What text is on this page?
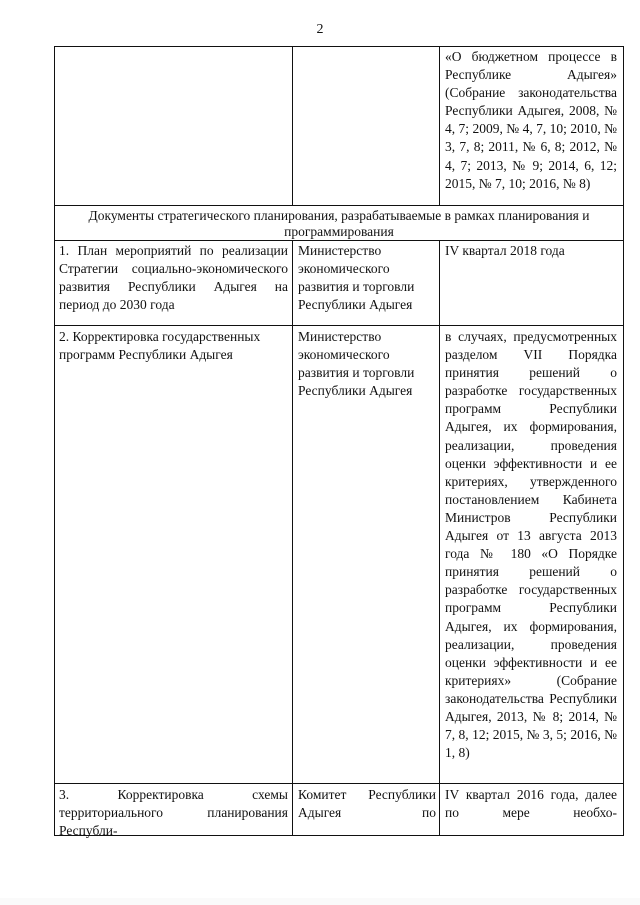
2
«О бюджетном процессе в Республике Адыгея» (Собрание законодательства Республики Адыгея, 2008, № 4, 7; 2009, № 4, 7, 10; 2010, № 3, 7, 8; 2011, № 6, 8; 2012, № 4, 7; 2013, № 9; 2014, 6, 12; 2015, № 7, 10; 2016, № 8)
Документы стратегического планирования, разрабатываемые в рамках планирования и программирования
1. План мероприятий по реализации Стратегии социально-экономического развития Республики Адыгея на период до 2030 года
Министерство экономического развития и торговли Республики Адыгея
IV квартал 2018 года
2. Корректировка государственных программ Республики Адыгея
Министерство экономического развития и торговли Республики Адыгея
в случаях, предусмотренных разделом VII Порядка принятия решений о разработке государственных программ Республики Адыгея, их формирования, реализации, проведения оценки эффективности и ее критериях, утвержденного постановлением Кабинета Министров Республики Адыгея от 13 августа 2013 года № 180 «О Порядке принятия решений о разработке государственных программ Республики Адыгея, их формирования, реализации, проведения оценки эффективности и ее критериях» (Собрание законодательства Республики Адыгея, 2013, № 8; 2014, № 7, 8, 12; 2015, № 3, 5; 2016, № 1, 8)
3. Корректировка схемы территориального планирования Республи-
Комитет Республики Адыгея по
IV квартал 2016 года, далее по мере необхо-
